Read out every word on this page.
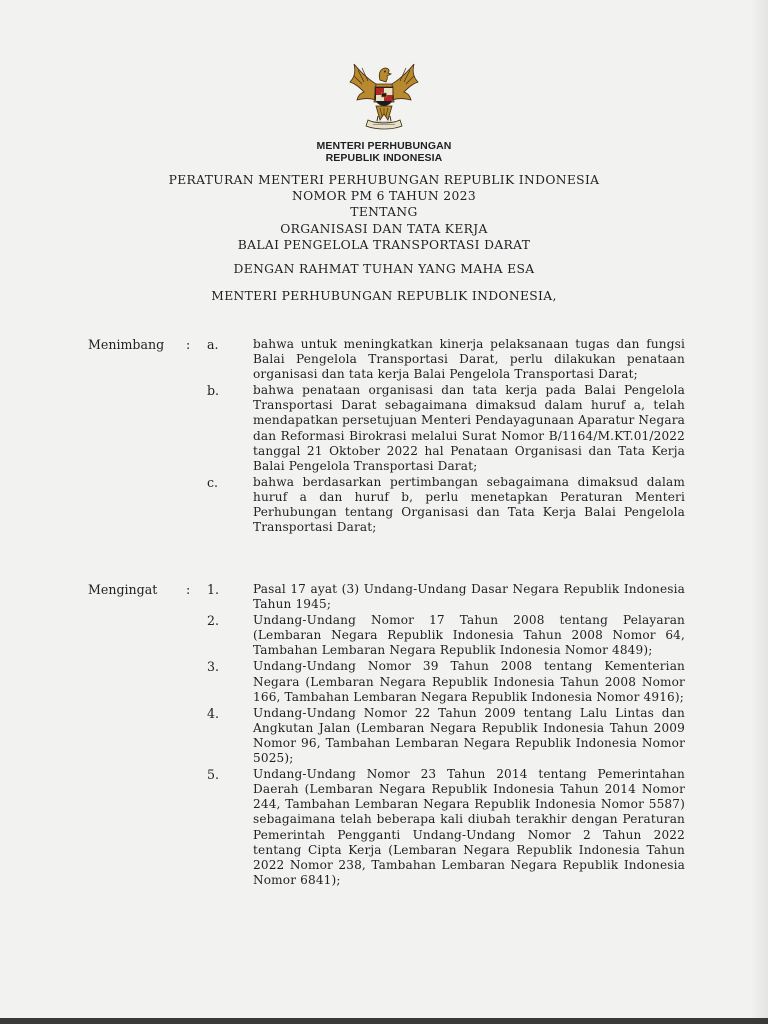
MENTERI PERHUBUNGAN
REPUBLIK INDONESIA
PERATURAN MENTERI PERHUBUNGAN REPUBLIK INDONESIA
NOMOR PM 6 TAHUN 2023
TENTANG
ORGANISASI DAN TATA KERJA
BALAI PENGELOLA TRANSPORTASI DARAT
DENGAN RAHMAT TUHAN YANG MAHA ESA
MENTERI PERHUBUNGAN REPUBLIK INDONESIA,
Menimbang : a.	bahwa untuk meningkatkan kinerja pelaksanaan tugas dan fungsi Balai Pengelola Transportasi Darat, perlu dilakukan penataan organisasi dan tata kerja Balai Pengelola Transportasi Darat;
b.	bahwa penataan organisasi dan tata kerja pada Balai Pengelola Transportasi Darat sebagaimana dimaksud dalam huruf a, telah mendapatkan persetujuan Menteri Pendayagunaan Aparatur Negara dan Reformasi Birokrasi melalui Surat Nomor B/1164/M.KT.01/2022 tanggal 21 Oktober 2022 hal Penataan Organisasi dan Tata Kerja Balai Pengelola Transportasi Darat;
c.	bahwa berdasarkan pertimbangan sebagaimana dimaksud dalam huruf a dan huruf b, perlu menetapkan Peraturan Menteri Perhubungan tentang Organisasi dan Tata Kerja Balai Pengelola Transportasi Darat;
Mengingat : 1.	Pasal 17 ayat (3) Undang-Undang Dasar Negara Republik Indonesia Tahun 1945;
2.	Undang-Undang Nomor 17 Tahun 2008 tentang Pelayaran (Lembaran Negara Republik Indonesia Tahun 2008 Nomor 64, Tambahan Lembaran Negara Republik Indonesia Nomor 4849);
3.	Undang-Undang Nomor 39 Tahun 2008 tentang Kementerian Negara (Lembaran Negara Republik Indonesia Tahun 2008 Nomor 166, Tambahan Lembaran Negara Republik Indonesia Nomor 4916);
4.	Undang-Undang Nomor 22 Tahun 2009 tentang Lalu Lintas dan Angkutan Jalan (Lembaran Negara Republik Indonesia Tahun 2009 Nomor 96, Tambahan Lembaran Negara Republik Indonesia Nomor 5025);
5.	Undang-Undang Nomor 23 Tahun 2014 tentang Pemerintahan Daerah (Lembaran Negara Republik Indonesia Tahun 2014 Nomor 244, Tambahan Lembaran Negara Republik Indonesia Nomor 5587) sebagaimana telah beberapa kali diubah terakhir dengan Peraturan Pemerintah Pengganti Undang-Undang Nomor 2 Tahun 2022 tentang Cipta Kerja (Lembaran Negara Republik Indonesia Tahun 2022 Nomor 238, Tambahan Lembaran Negara Republik Indonesia Nomor 6841);
